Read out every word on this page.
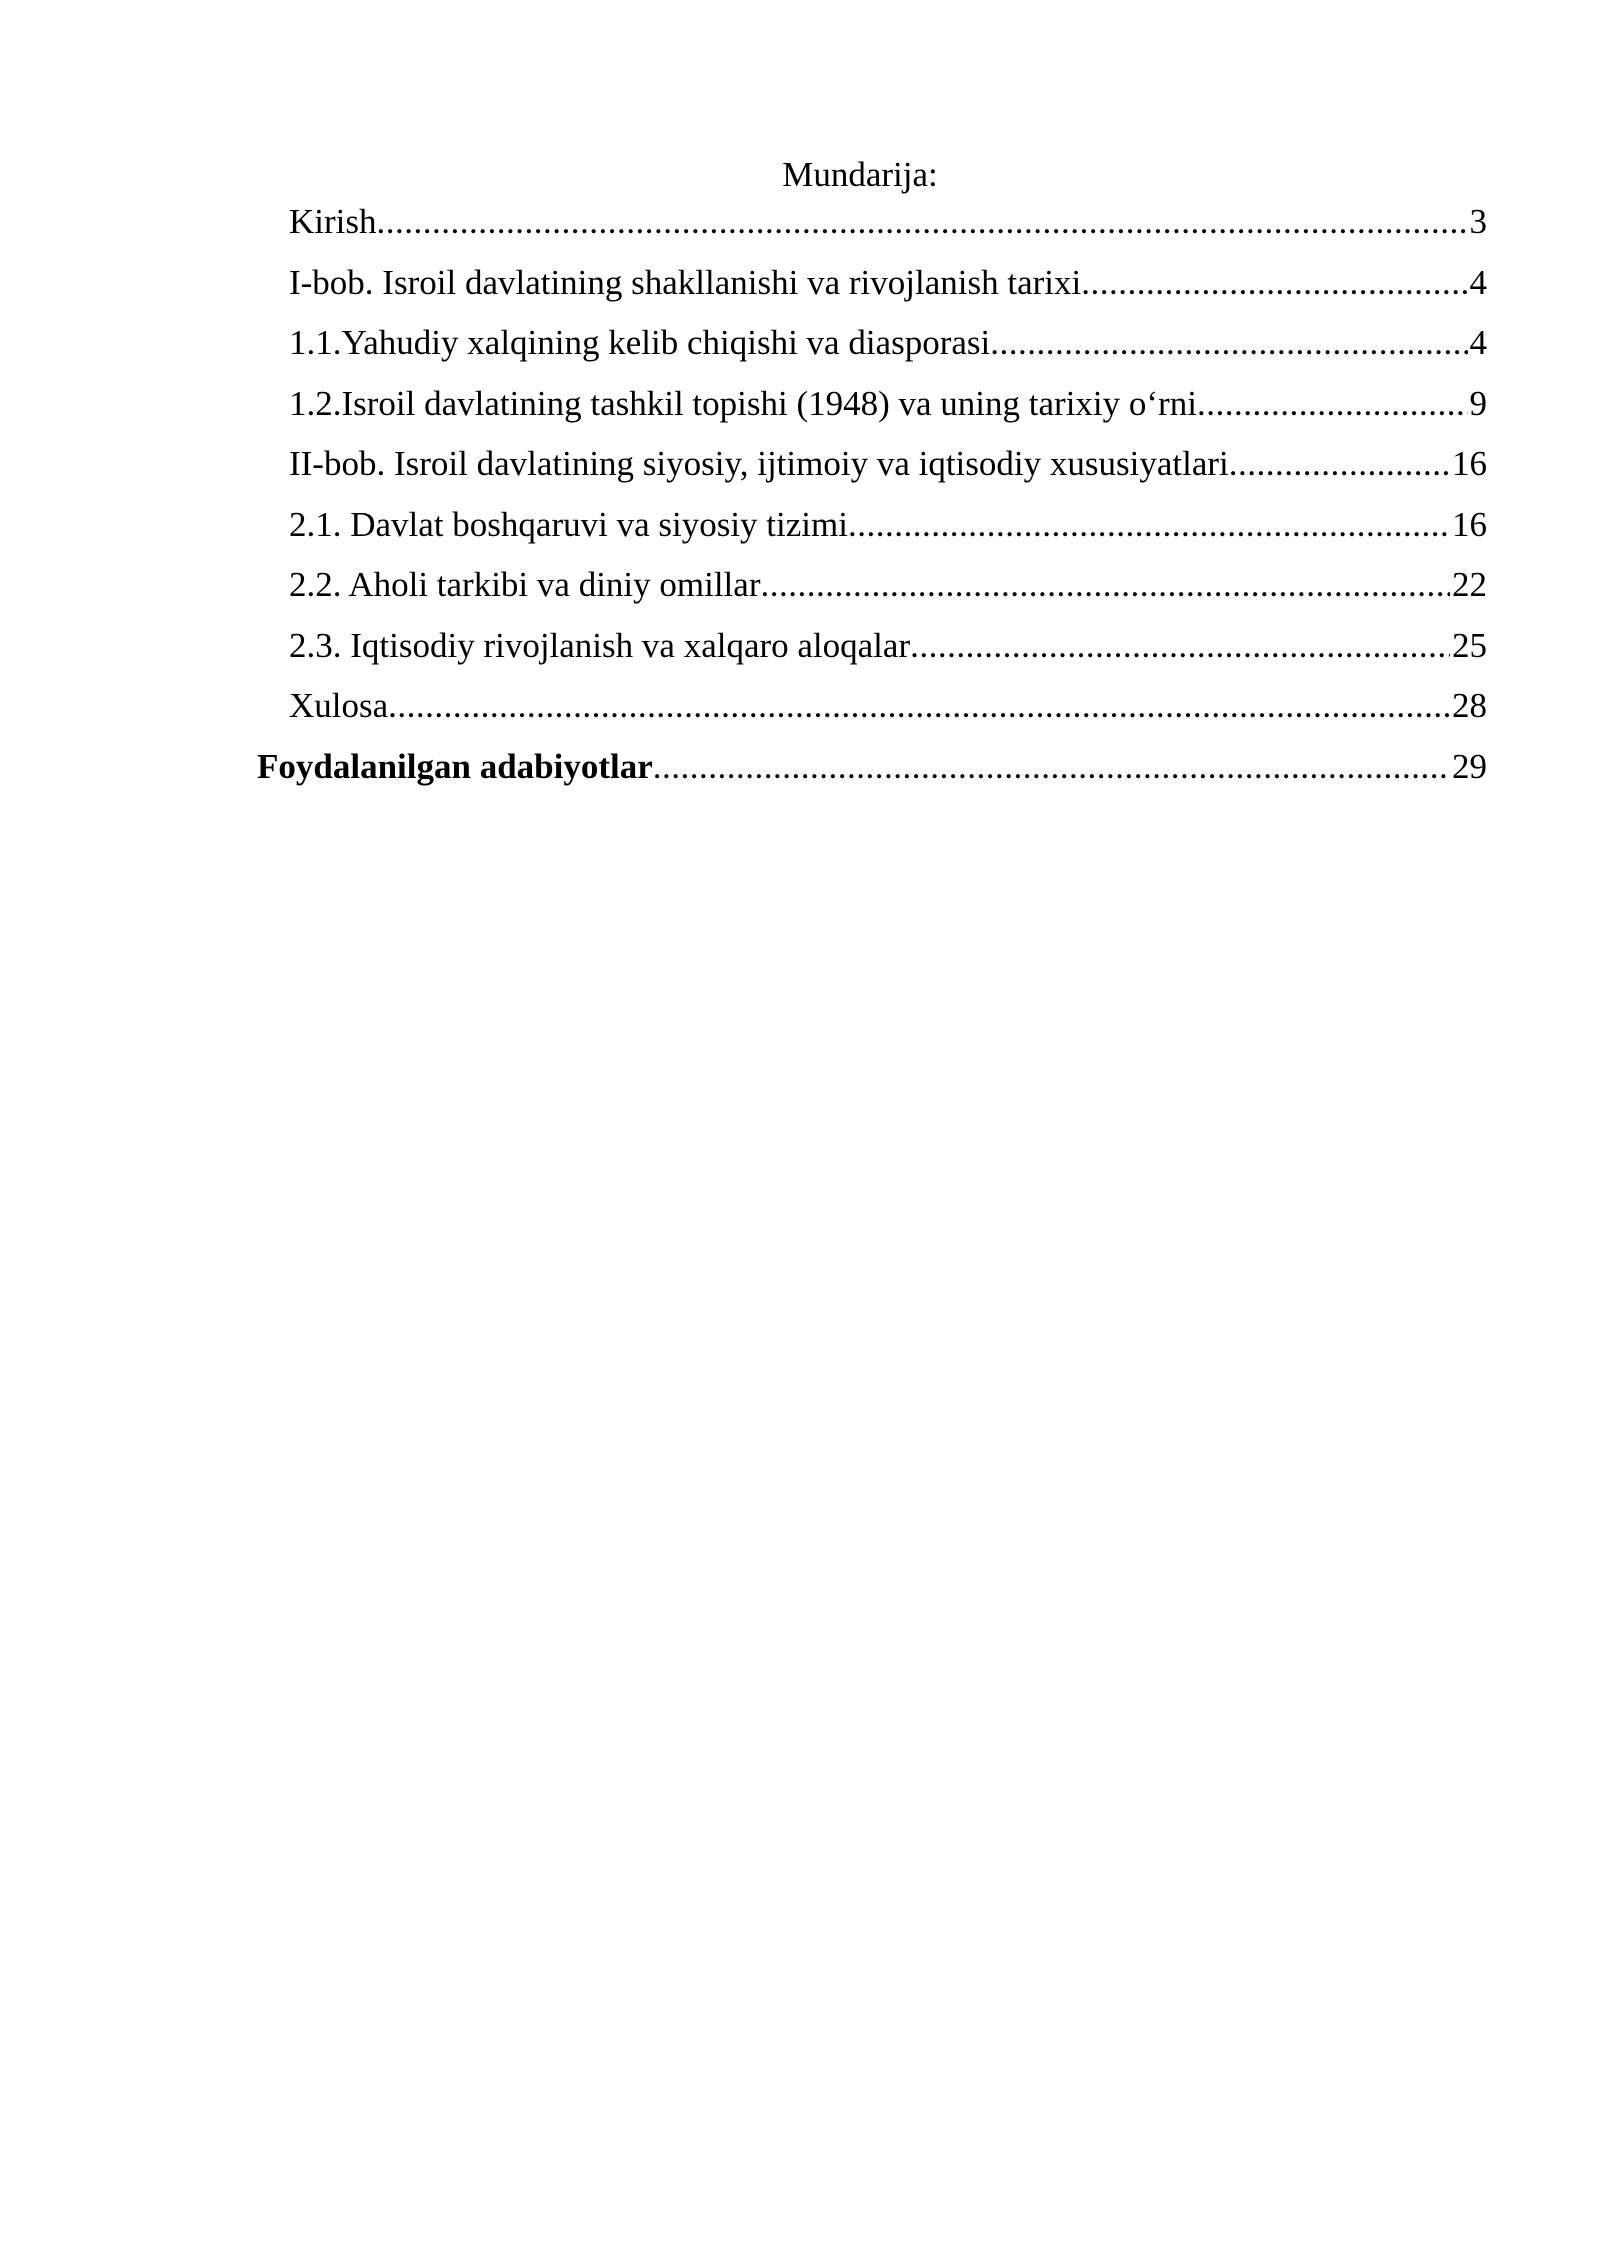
Mundarija:
Kirish .....	3
I-bob. Isroil davlatining shakllanishi va rivojlanish tarixi .....	4
1.1.Yahudiy xalqining kelib chiqishi va diasporasi .....	4
1.2.Isroil davlatining tashkil topishi (1948) va uning tarixiy o‘rni .....	9
II-bob. Isroil davlatining siyosiy, ijtimoiy va iqtisodiy xususiyatlari .....	16
2.1. Davlat boshqaruvi va siyosiy tizimi .....	16
2.2. Aholi tarkibi va diniy omillar .....	22
2.3. Iqtisodiy rivojlanish va xalqaro aloqalar .....	25
Xulosa .....	28
Foydalanilgan adabiyotlar .....	29
